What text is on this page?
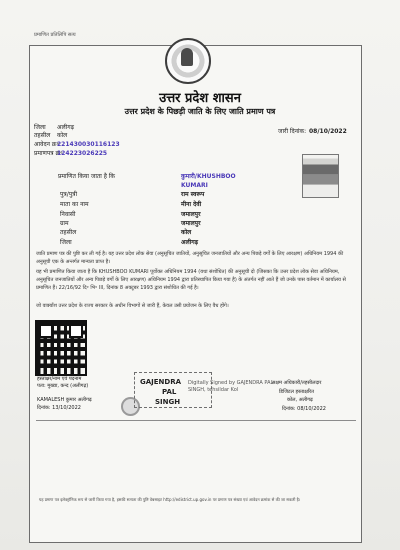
प्रमाणित प्रतिलिपि सत्य
उत्तर प्रदेश शासन
उत्तर प्रदेश के पिछड़ी जाति के लिए जाति प्रमाण पत्र
जिला अलीगढ़
तहसील कोल
आवेदन क्र॰
221430030116123
प्रमाणपत्र क्र॰
124223026225
जारी दिनांक: 08/10/2022
प्रमाणित किया जाता है कि	कुमारी/KHUSHBOO
KUMARI
पुत्र/पुत्री	राम स्वरूप
माता का नाम	मीना देवी
निवासी	जमालपुर
ग्राम	जमालपुर
तहसील	कोल
जिला	अलीगढ़
जाति प्रमाण पत्र की पुष्टि कर ली गई है। यह उत्तर प्रदेश लोक सेवा (अनुसूचित जातियों, अनुसूचित जनजातियों और अन्य पिछड़े वर्गों के लिए आरक्षण) अधिनियम 1994 की अनुसूची एक के अन्तर्गत मान्यता प्राप्त है।
यह भी प्रमाणित किया जाता है कि KHUSHBOO KUMARI पूर्वोक्त अधिनियम 1994 (यथा संशोधित) की अनुसूची दो (जिसका कि उत्तर प्रदेश लोक सेवा अधिनियम, अनुसूचित जनजातियों और अन्य पिछड़े वर्गों के लिए आरक्षण) अधिनियम 1994 द्वारा प्रतिस्थापित किया गया है) के अंतर्गत नहीं आते हैं जो उनके पास वर्तमान में कार्यालय से प्रमाणित हैं। 22/16/92 दि॰ भि॰ III, दिनांक 8 अक्टूबर 1993 द्वारा संशोधित की गई है।
जो वाक्याँश उत्तर प्रदेश के राज्य सरकार के अधीन विभागों से जारी हैं, केवल उसी प्रयोजन के लिए वैध होंगे।
हस्ताक्षर/नाम एवं पदनाम
पता: मुख्या, कन्द (अलीगढ़)
KAMALESH कुमार अलीगढ़
दिनांक: 13/10/2022
GAJENDRA
PAL
SINGH
Digitally Signed by GAJENDRA PAL
SINGH, tehsildar Kol
सक्षम अधिकारी/तहसीलदार
डिजिटल हस्ताक्षरित
कोल, अलीगढ़
दिनांक: 08/10/2022
यह प्रमाण पत्र इलेक्ट्रॉनिक रूप से जारी किया गया है, इसकी सत्यता की पुष्टि वेबसाइट http://edistrict.up.gov.in पर प्रमाण पत्र संख्या एवं आवेदन क्रमांक से की जा सकती है।
